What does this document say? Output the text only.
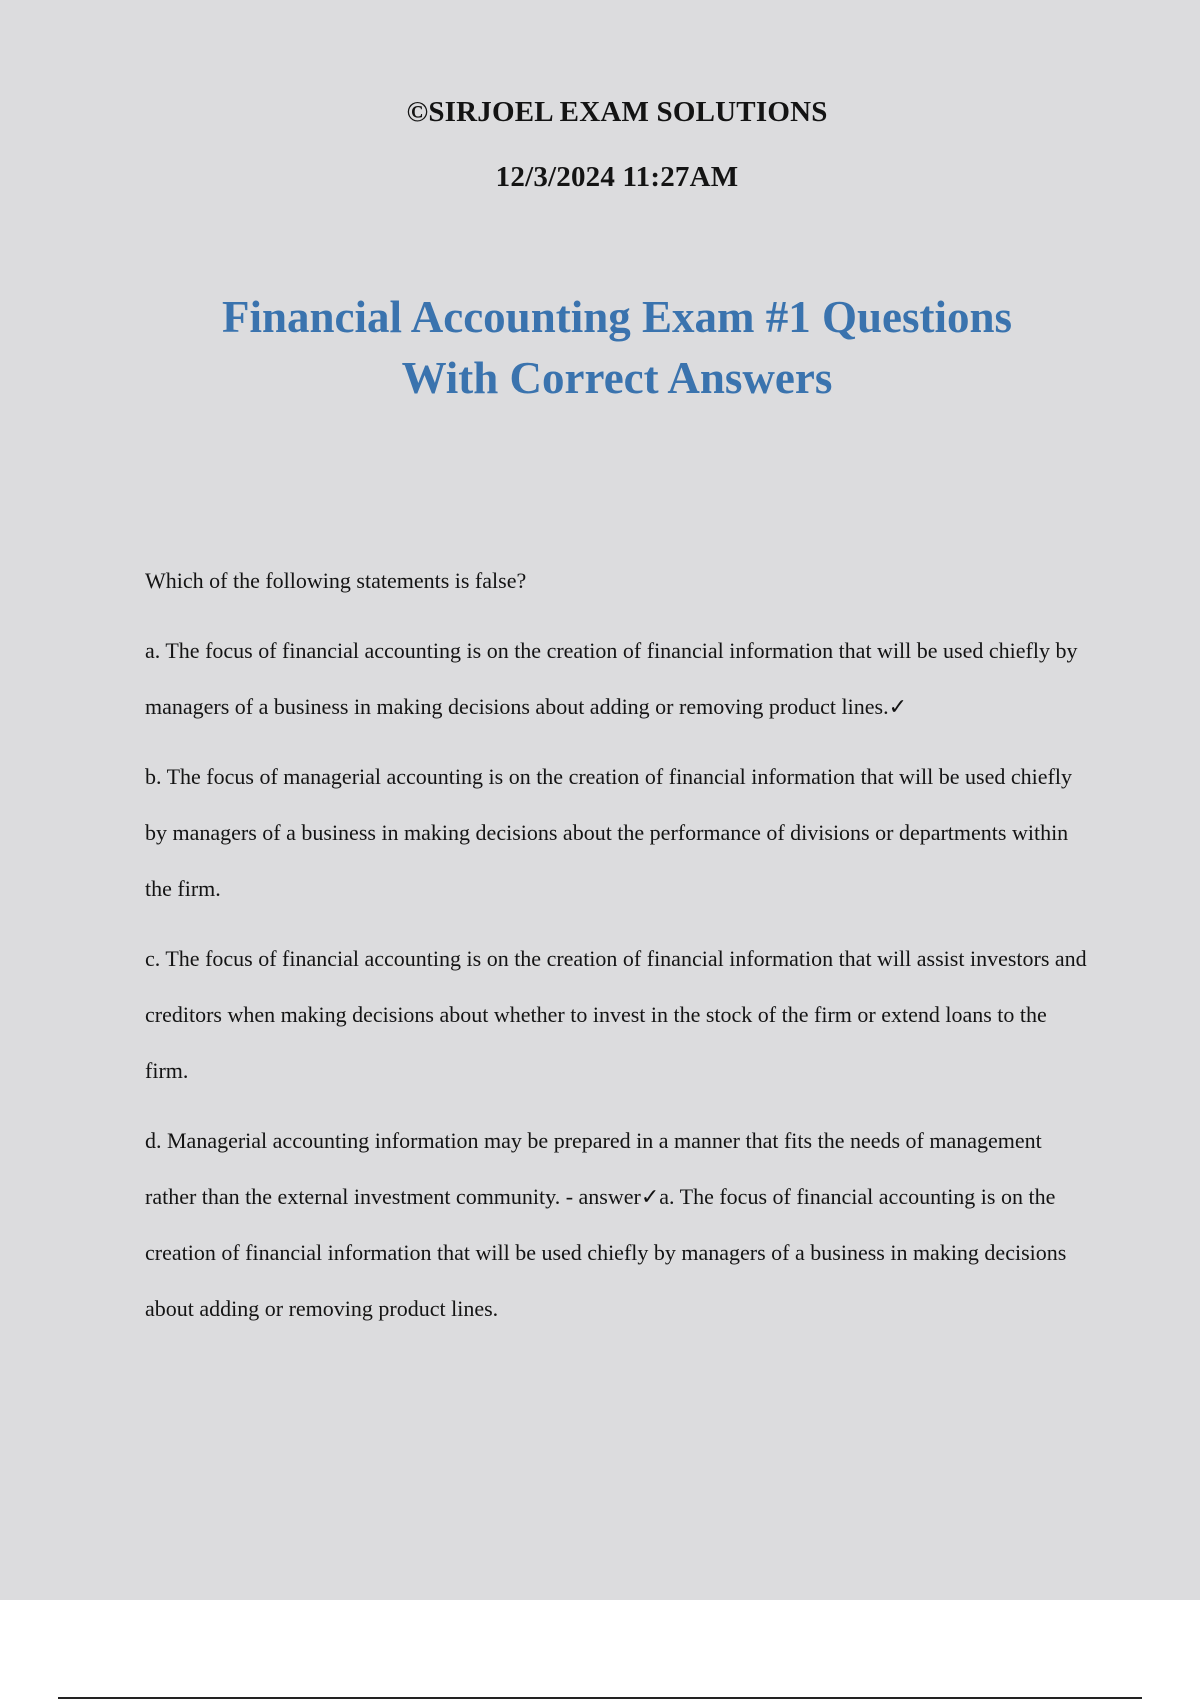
©SIRJOEL EXAM SOLUTIONS
12/3/2024 11:27AM
Financial Accounting Exam #1 Questions
With Correct Answers

Which of the following statements is false?

a. The focus of financial accounting is on the creation of financial information that will be used chiefly by managers of a business in making decisions about adding or removing product lines.✓

b. The focus of managerial accounting is on the creation of financial information that will be used chiefly by managers of a business in making decisions about the performance of divisions or departments within the firm.

c. The focus of financial accounting is on the creation of financial information that will assist investors and creditors when making decisions about whether to invest in the stock of the firm or extend loans to the firm.

d. Managerial accounting information may be prepared in a manner that fits the needs of management rather than the external investment community. - answer✓a. The focus of financial accounting is on the creation of financial information that will be used chiefly by managers of a business in making decisions about adding or removing product lines.
